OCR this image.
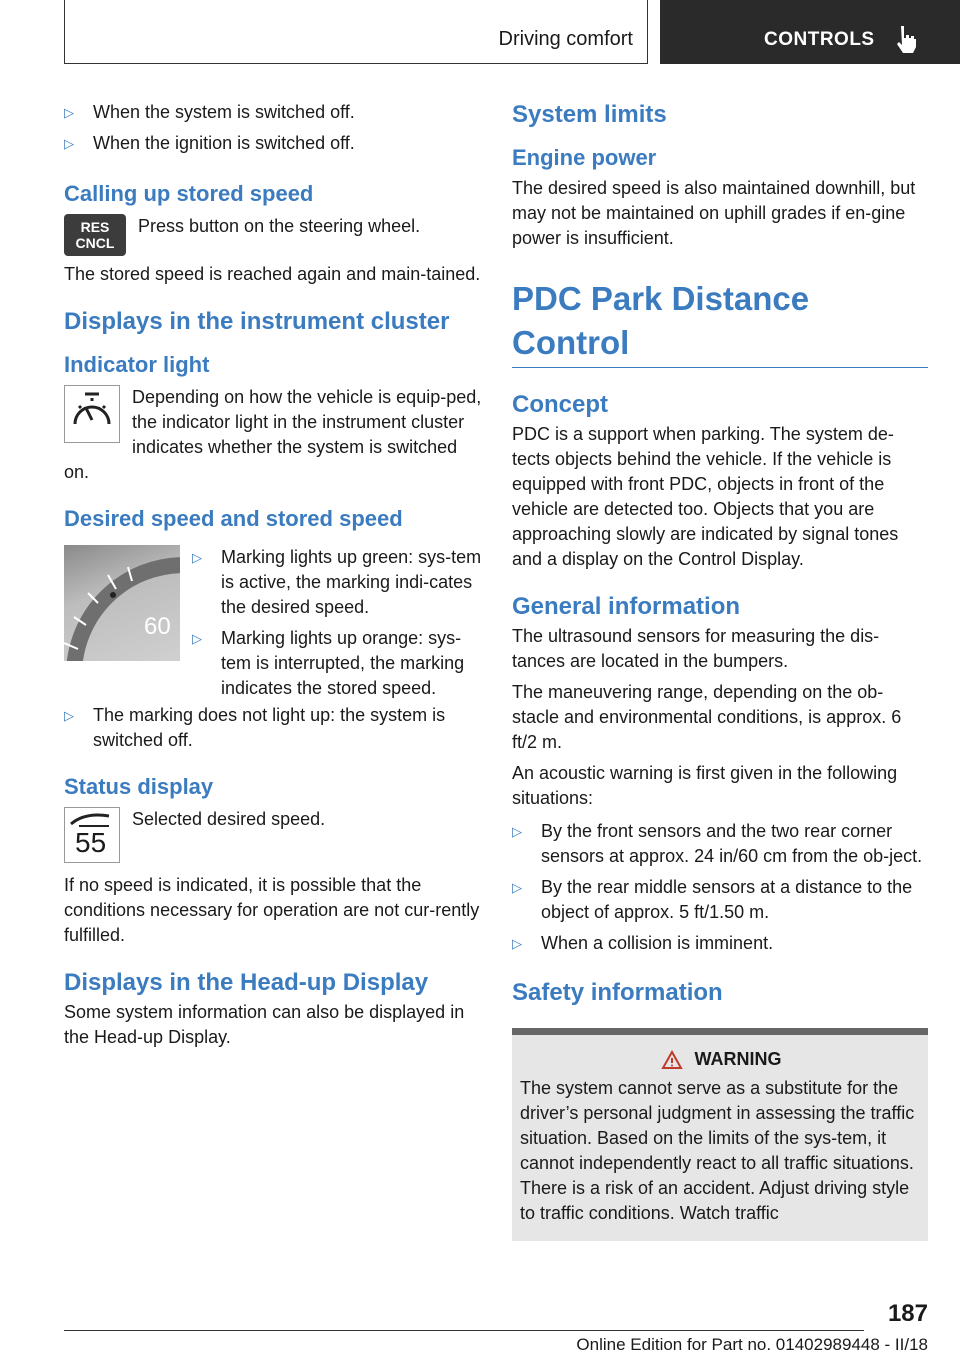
Driving comfort	CONTROLS
▷ When the system is switched off.
▷ When the ignition is switched off.
Calling up stored speed
RES
CNCL

Press button on the steering wheel.

The stored speed is reached again and main-tained.

Displays in the instrument cluster
Indicator light

Depending on how the vehicle is equip-ped, the indicator light in the instrument cluster indicates whether the system is switched on.

Desired speed and stored speed
60
▷ Marking lights up green: sys-tem is active, the marking indi-cates the desired speed.
▷ Marking lights up orange: sys-tem is interrupted, the marking indicates the stored speed.
▷ The marking does not light up: the system is switched off.
Status display
55

Selected desired speed.

If no speed is indicated, it is possible that the conditions necessary for operation are not cur-rently fulfilled.

Displays in the Head-up Display

Some system information can also be displayed in the Head-up Display.

System limits
Engine power

The desired speed is also maintained downhill, but may not be maintained on uphill grades if en-gine power is insufficient.

PDC Park Distance Control
Concept

PDC is a support when parking. The system de-tects objects behind the vehicle. If the vehicle is equipped with front PDC, objects in front of the vehicle are detected too. Objects that you are approaching slowly are indicated by signal tones and a display on the Control Display.

General information

The ultrasound sensors for measuring the dis-tances are located in the bumpers.

The maneuvering range, depending on the ob-stacle and environmental conditions, is approx. 6 ft/2 m.

An acoustic warning is first given in the following situations:

▷ By the front sensors and the two rear corner sensors at approx. 24 in/60 cm from the ob-ject.
▷ By the rear middle sensors at a distance to the object of approx. 5 ft/1.50 m.
▷ When a collision is imminent.
Safety information
WARNING

The system cannot serve as a substitute for the driver’s personal judgment in assessing the traffic situation. Based on the limits of the sys-tem, it cannot independently react to all traffic situations. There is a risk of an accident. Adjust driving style to traffic conditions. Watch traffic

187
Online Edition for Part no. 01402989448 - II/18
